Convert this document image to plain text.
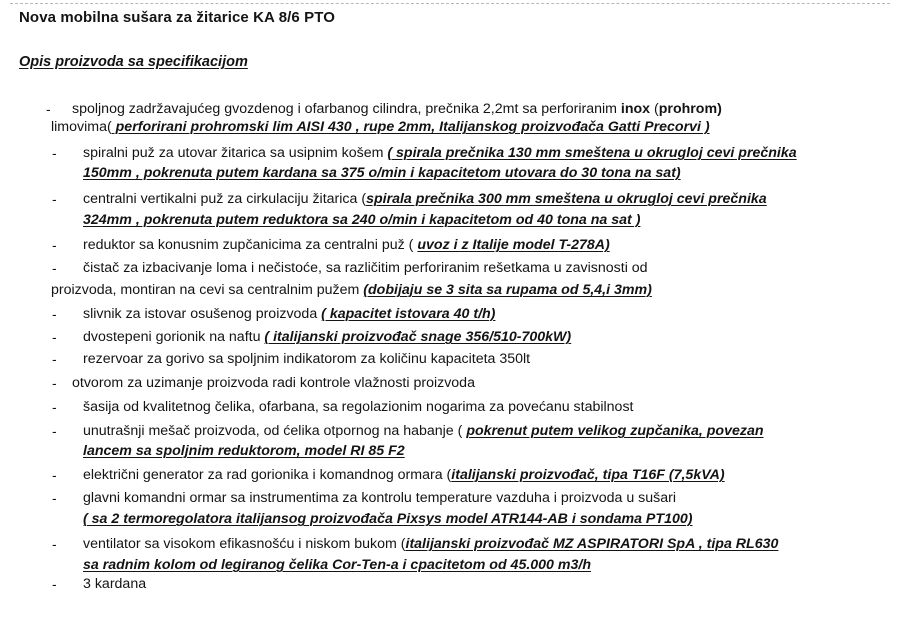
Nova mobilna sušara za žitarice KA 8/6 PTO
Opis proizvoda sa specifikacijom
- spoljnog zadržavajućeg gvozdenog i ofarbanog cilindra, prečnika 2,2mt sa perforiranim inox (prohrom)
limovima( perforirani prohromski lim AISI 430 , rupe 2mm, Italijanskog proizvođača Gatti Precorvi )
- spiralni puž za utovar žitarica sa usipnim košem ( spirala prečnika 130 mm smeštena u okrugloj cevi prečnika
150mm , pokrenuta putem kardana sa 375 o/min i kapacitetom utovara do 30 tona na sat)
- centralni vertikalni puž za cirkulaciju žitarica (spirala prečnika 300 mm smeštena u okrugloj cevi prečnika
324mm , pokrenuta putem reduktora sa 240 o/min i kapacitetom od 40 tona na sat )
- reduktor sa konusnim zupčanicima za centralni puž ( uvoz i z Italije model T-278A)
- čistač za izbacivanje loma i nečistoće, sa različitim perforiranim rešetkama u zavisnosti od
proizvoda, montiran na cevi sa centralnim pužem (dobijaju se 3 sita sa rupama od 5,4,i 3mm)
- slivnik za istovar osušenog proizvoda ( kapacitet istovara 40 t/h)
- dvostepeni gorionik na naftu ( italijanski proizvođač snage 356/510-700kW)
- rezervoar za gorivo sa spoljnim indikatorom za količinu kapaciteta 350lt
- otvorom za uzimanje proizvoda radi kontrole vlažnosti proizvoda
- šasija od kvalitetnog čelika, ofarbana, sa regolazionim nogarima za povećanu stabilnost
- unutrašnji mešač proizvoda, od ćelika otpornog na habanje ( pokrenut putem velikog zupčanika, povezan
lancem sa spoljnim reduktorom, model RI 85 F2
- električni generator za rad gorionika i komandnog ormara (italijanski proizvođač, tipa T16F (7,5kVA)
- glavni komandni ormar sa instrumentima za kontrolu temperature vazduha i proizvoda u sušari
( sa 2 termoregolatora italijansog proizvođača Pixsys model ATR144-AB i sondama PT100)
- ventilator sa visokom efikasnošću i niskom bukom (italijanski proizvođač MZ ASPIRATORI SpA , tipa RL630
sa radnim kolom od legiranog čelika Cor-Ten-a i cpacitetom od 45.000 m3/h
- 3 kardana
